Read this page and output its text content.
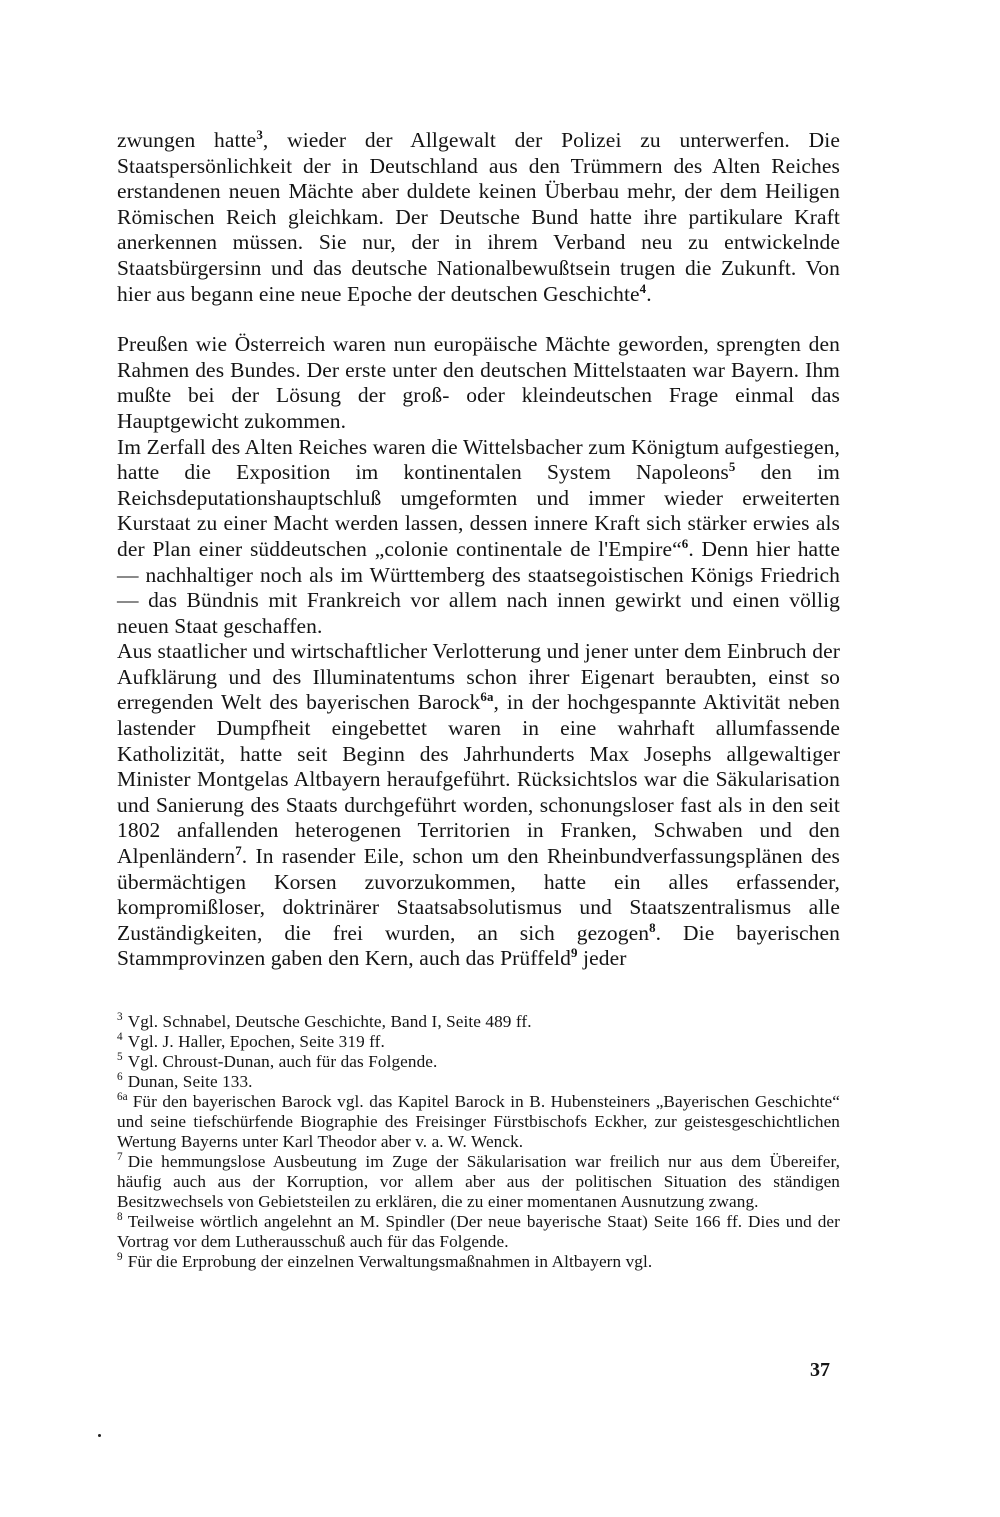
zwungen hatte$^3$, wieder der Allgewalt der Polizei zu unterwerfen. Die Staatspersönlichkeit der in Deutschland aus den Trümmern des Alten Reiches erstandenen neuen Mächte aber duldete keinen Überbau mehr, der dem Heiligen Römischen Reich gleichkam. Der Deutsche Bund hatte ihre partikulare Kraft anerkennen müssen. Sie nur, der in ihrem Verband neu zu entwickelnde Staatsbürgersinn und das deutsche Nationalbewußtsein trugen die Zukunft. Von hier aus begann eine neue Epoche der deutschen Geschichte$^4$.

Preußen wie Österreich waren nun europäische Mächte geworden, sprengten den Rahmen des Bundes. Der erste unter den deutschen Mittelstaaten war Bayern. Ihm mußte bei der Lösung der groß- oder kleindeutschen Frage einmal das Hauptgewicht zukommen.

Im Zerfall des Alten Reiches waren die Wittelsbacher zum Königtum aufgestiegen, hatte die Exposition im kontinentalen System Napoleons$^5$ den im Reichsdeputationshauptschluß umgeformten und immer wieder erweiterten Kurstaat zu einer Macht werden lassen, dessen innere Kraft sich stärker erwies als der Plan einer süddeutschen „colonie continentale de l'Empire“$^6$. Denn hier hatte — nachhaltiger noch als im Württemberg des staatsegoistischen Königs Friedrich — das Bündnis mit Frankreich vor allem nach innen gewirkt und einen völlig neuen Staat geschaffen.

Aus staatlicher und wirtschaftlicher Verlotterung und jener unter dem Einbruch der Aufklärung und des Illuminatentums schon ihrer Eigenart beraubten, einst so erregenden Welt des bayerischen Barock$^{6a}$, in der hochgespannte Aktivität neben lastender Dumpfheit eingebettet waren in eine wahrhaft allumfassende Katholizität, hatte seit Beginn des Jahrhunderts Max Josephs allgewaltiger Minister Montgelas Altbayern heraufgeführt. Rücksichtslos war die Säkularisation und Sanierung des Staats durchgeführt worden, schonungsloser fast als in den seit 1802 anfallenden heterogenen Territorien in Franken, Schwaben und den Alpenländern$^7$. In rasender Eile, schon um den Rheinbundverfassungsplänen des übermächtigen Korsen zuvorzukommen, hatte ein alles erfassender, kompromißloser, doktrinärer Staatsabsolutismus und Staatszentralismus alle Zuständigkeiten, die frei wurden, an sich gezogen$^8$. Die bayerischen Stammprovinzen gaben den Kern, auch das Prüffeld$^9$ jeder

$^3$ Vgl. Schnabel, Deutsche Geschichte, Band I, Seite 489 ff.

$^4$ Vgl. J. Haller, Epochen, Seite 319 ff.

$^5$ Vgl. Chroust-Dunan, auch für das Folgende.

$^6$ Dunan, Seite 133.

$^{6a}$ Für den bayerischen Barock vgl. das Kapitel Barock in B. Hubensteiners „Bayerischen Geschichte“ und seine tiefschürfende Biographie des Freisinger Fürstbischofs Eckher, zur geistesgeschichtlichen Wertung Bayerns unter Karl Theodor aber v. a. W. Wenck.

$^7$ Die hemmungslose Ausbeutung im Zuge der Säkularisation war freilich nur aus dem Übereifer, häufig auch aus der Korruption, vor allem aber aus der politischen Situation des ständigen Besitzwechsels von Gebietsteilen zu erklären, die zu einer momentanen Ausnutzung zwang.

$^8$ Teilweise wörtlich angelehnt an M. Spindler (Der neue bayerische Staat) Seite 166 ff. Dies und der Vortrag vor dem Lutherausschuß auch für das Folgende.

$^9$ Für die Erprobung der einzelnen Verwaltungsmaßnahmen in Altbayern vgl.

37
